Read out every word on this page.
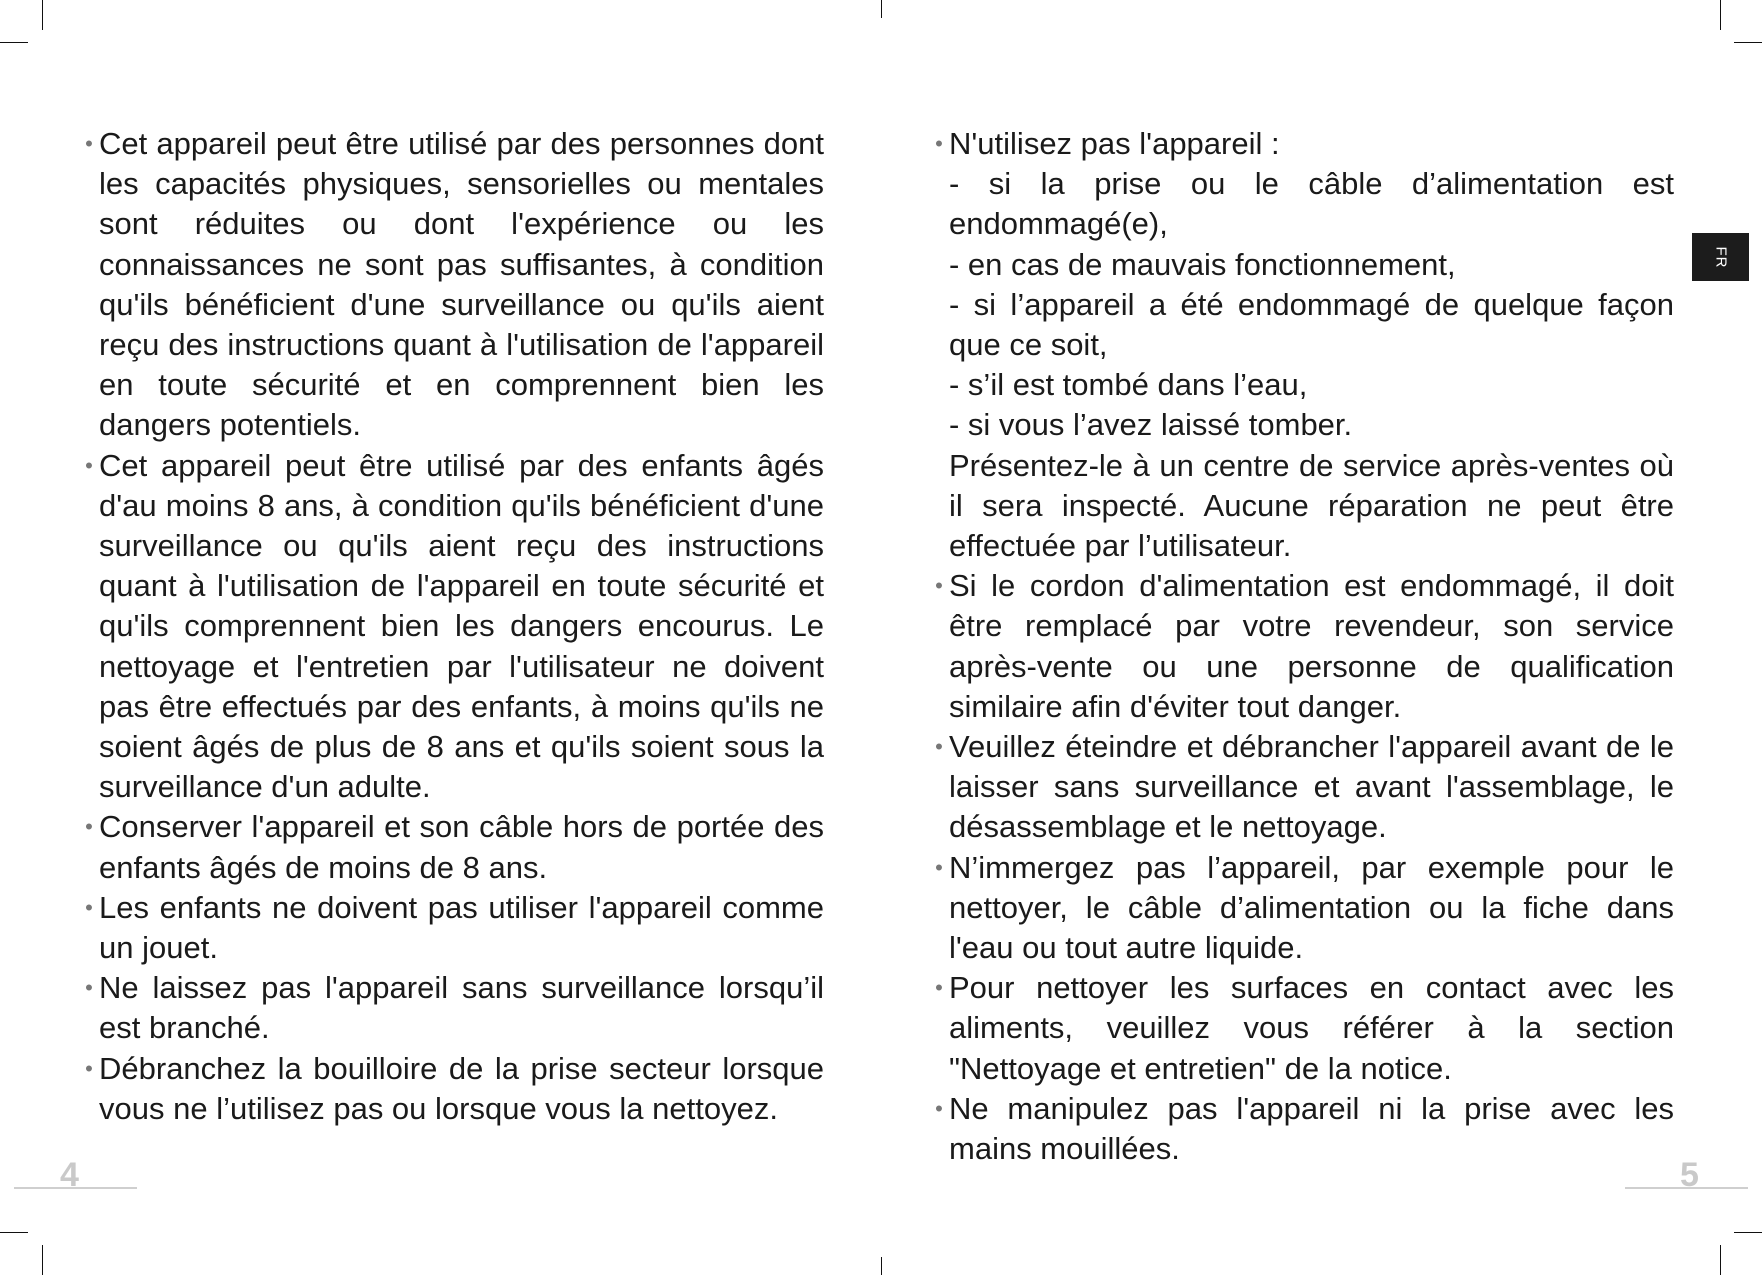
• Cet appareil peut être utilisé par des personnes dont les capacités physiques, sensorielles ou mentales sont réduites ou dont l'expérience ou les connaissances ne sont pas suffisantes, à condition qu'ils bénéficient d'une surveillance ou qu'ils aient reçu des instructions quant à l'utilisation de l'appareil en toute sécurité et en comprennent bien les dangers potentiels.

• Cet appareil peut être utilisé par des enfants âgés d'au moins 8 ans, à condition qu'ils bénéficient d'une surveillance ou qu'ils aient reçu des instructions quant à l'utilisation de l'appareil en toute sécurité et qu'ils comprennent bien les dangers encourus. Le nettoyage et l'entretien par l'utilisateur ne doivent pas être effectués par des enfants, à moins qu'ils ne soient âgés de plus de 8 ans et qu'ils soient sous la surveillance d'un adulte.

• Conserver l'appareil et son câble hors de portée des enfants âgés de moins de 8 ans.

• Les enfants ne doivent pas utiliser l'appareil comme un jouet.

• Ne laissez pas l'appareil sans surveillance lorsqu’il est branché.

• Débranchez la bouilloire de la prise secteur lorsque vous ne l’utilisez pas ou lorsque vous la nettoyez.

• N'utilisez pas l'appareil :
- si la prise ou le câble d’alimentation est endommagé(e),
- en cas de mauvais fonctionnement,
- si l’appareil a été endommagé de quelque façon que ce soit,
- s’il est tombé dans l’eau,
- si vous l’avez laissé tomber.
Présentez-le à un centre de service après-ventes où il sera inspecté. Aucune réparation ne peut être effectuée par l’utilisateur.

• Si le cordon d'alimentation est endommagé, il doit être remplacé par votre revendeur, son service après-vente ou une personne de qualification similaire afin d'éviter tout danger.

• Veuillez éteindre et débrancher l'appareil avant de le laisser sans surveillance et avant l'assemblage, le désassemblage et le nettoyage.

• N’immergez pas l’appareil, par exemple pour le nettoyer, le câble d’alimentation ou la fiche dans l'eau ou tout autre liquide.

• Pour nettoyer les surfaces en contact avec les aliments, veuillez vous référer à la section "Nettoyage et entretien" de la notice.

• Ne manipulez pas l'appareil ni la prise avec les mains mouillées.

FR
4	5
